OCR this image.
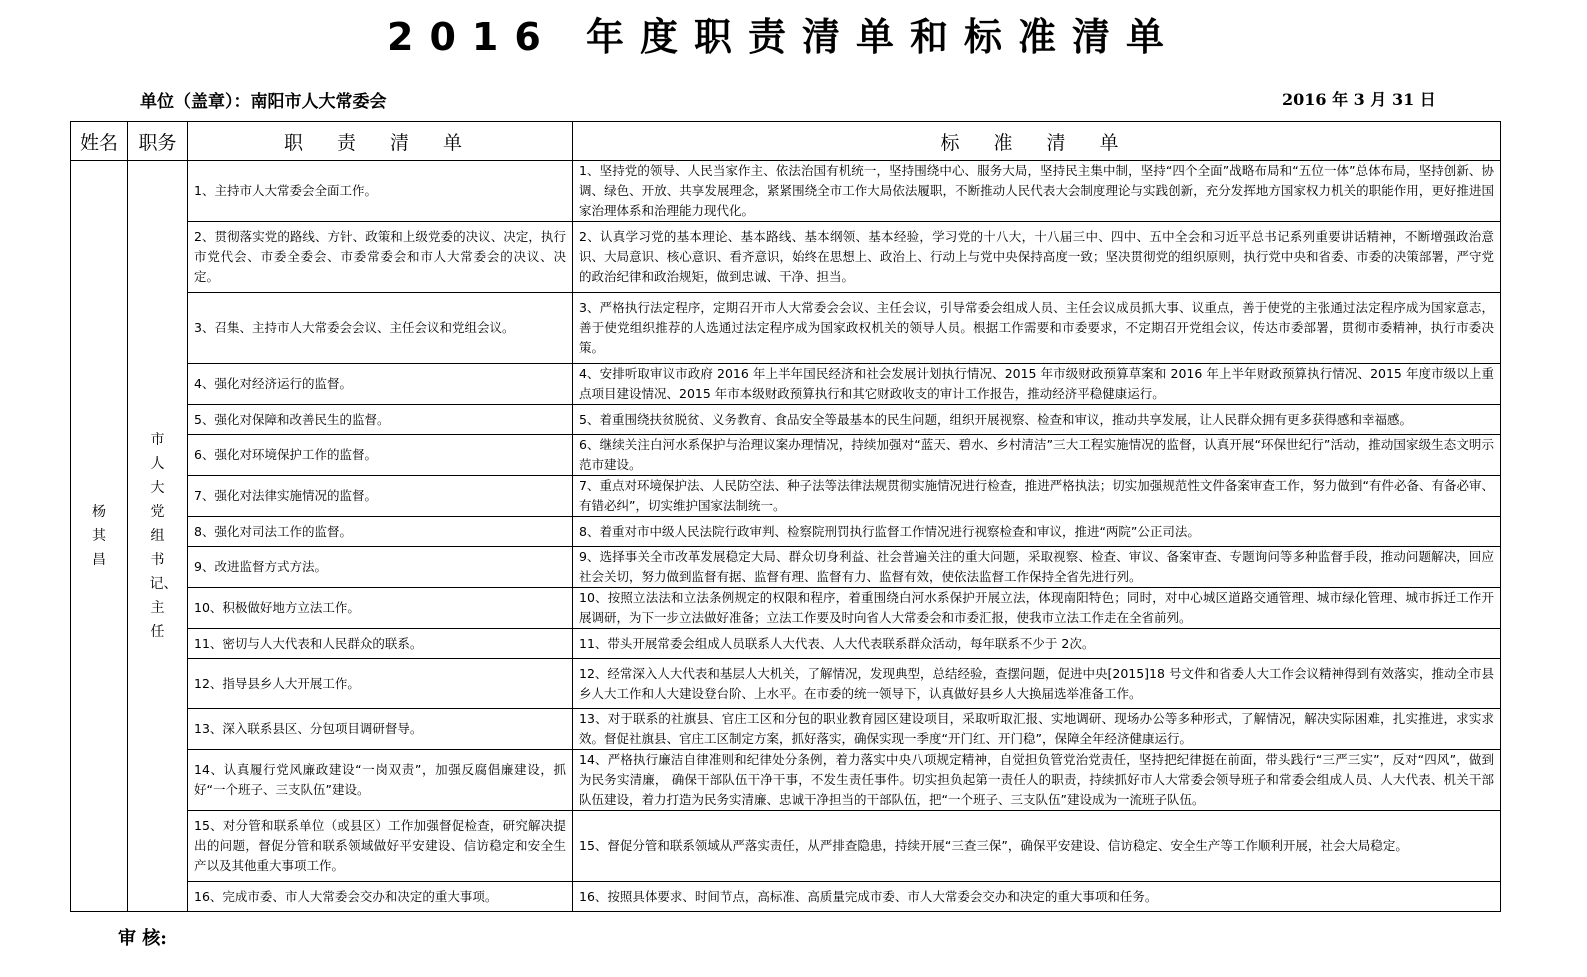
2016 年度职责清单和标准清单
单位（盖章）：南阳市人大常委会	2016 年 3 月 31 日
姓名	职务	职 责 清 单	标 准 清 单
杨其昌	市人大党组书记、主任	1、主持市人大常委会全面工作。	1、坚持党的领导、人民当家作主、依法治国有机统一，坚持围绕中心、服务大局，坚持民主集中制，坚持“四个全面”战略布局和“五位一体”总体布局，坚持创新、协调、绿色、开放、共享发展理念，紧紧围绕全市工作大局依法履职，不断推动人民代表大会制度理论与实践创新，充分发挥地方国家权力机关的职能作用，更好推进国家治理体系和治理能力现代化。
		2、贯彻落实党的路线、方针、政策和上级党委的决议、决定，执行市党代会、市委全委会、市委常委会和市人大常委会的决议、决定。	2、认真学习党的基本理论、基本路线、基本纲领、基本经验，学习党的十八大，十八届三中、四中、五中全会和习近平总书记系列重要讲话精神，不断增强政治意识、大局意识、核心意识、看齐意识，始终在思想上、政治上、行动上与党中央保持高度一致；坚决贯彻党的组织原则，执行党中央和省委、市委的决策部署，严守党的政治纪律和政治规矩，做到忠诚、干净、担当。
		3、召集、主持市人大常委会会议、主任会议和党组会议。	3、严格执行法定程序，定期召开市人大常委会会议、主任会议，引导常委会组成人员、主任会议成员抓大事、议重点，善于使党的主张通过法定程序成为国家意志，善于使党组织推荐的人选通过法定程序成为国家政权机关的领导人员。根据工作需要和市委要求，不定期召开党组会议，传达市委部署，贯彻市委精神，执行市委决策。
		4、强化对经济运行的监督。	4、安排听取审议市政府 2016 年上半年国民经济和社会发展计划执行情况、2015 年市级财政预算草案和 2016 年上半年财政预算执行情况、2015 年度市级以上重点项目建设情况、2015 年市本级财政预算执行和其它财政收支的审计工作报告，推动经济平稳健康运行。
		5、强化对保障和改善民生的监督。	5、着重围绕扶贫脱贫、义务教育、食品安全等最基本的民生问题，组织开展视察、检查和审议，推动共享发展，让人民群众拥有更多获得感和幸福感。
		6、强化对环境保护工作的监督。	6、继续关注白河水系保护与治理议案办理情况，持续加强对“蓝天、碧水、乡村清洁”三大工程实施情况的监督，认真开展“环保世纪行”活动，推动国家级生态文明示范市建设。
		7、强化对法律实施情况的监督。	7、重点对环境保护法、人民防空法、种子法等法律法规贯彻实施情况进行检查，推进严格执法；切实加强规范性文件备案审查工作，努力做到“有件必备、有备必审、有错必纠”，切实维护国家法制统一。
		8、强化对司法工作的监督。	8、着重对市中级人民法院行政审判、检察院刑罚执行监督工作情况进行视察检查和审议，推进“两院”公正司法。
		9、改进监督方式方法。	9、选择事关全市改革发展稳定大局、群众切身利益、社会普遍关注的重大问题，采取视察、检查、审议、备案审查、专题询问等多种监督手段，推动问题解决，回应社会关切，努力做到监督有据、监督有理、监督有力、监督有效，使依法监督工作保持全省先进行列。
		10、积极做好地方立法工作。	10、按照立法法和立法条例规定的权限和程序，着重围绕白河水系保护开展立法，体现南阳特色；同时，对中心城区道路交通管理、城市绿化管理、城市拆迁工作开展调研，为下一步立法做好准备；立法工作要及时向省人大常委会和市委汇报，使我市立法工作走在全省前列。
		11、密切与人大代表和人民群众的联系。	11、带头开展常委会组成人员联系人大代表、人大代表联系群众活动，每年联系不少于 2次。
		12、指导县乡人大开展工作。	12、经常深入人大代表和基层人大机关，了解情况，发现典型，总结经验，查摆问题，促进中央[2015]18 号文件和省委人大工作会议精神得到有效落实，推动全市县乡人大工作和人大建设登台阶、上水平。在市委的统一领导下，认真做好县乡人大换届选举准备工作。
		13、深入联系县区、分包项目调研督导。	13、对于联系的社旗县、官庄工区和分包的职业教育园区建设项目，采取听取汇报、实地调研、现场办公等多种形式，了解情况，解决实际困难，扎实推进，求实求效。督促社旗县、官庄工区制定方案，抓好落实，确保实现一季度“开门红、开门稳”，保障全年经济健康运行。
		14、认真履行党风廉政建设“一岗双责”，加强反腐倡廉建设，抓好“一个班子、三支队伍”建设。	14、严格执行廉洁自律准则和纪律处分条例，着力落实中央八项规定精神，自觉担负管党治党责任，坚持把纪律挺在前面，带头践行“三严三实”，反对“四风”，做到为民务实清廉， 确保干部队伍干净干事，不发生责任事件。切实担负起第一责任人的职责，持续抓好市人大常委会领导班子和常委会组成人员、人大代表、机关干部队伍建设，着力打造为民务实清廉、忠诚干净担当的干部队伍，把“一个班子、三支队伍”建设成为一流班子队伍。
		15、对分管和联系单位（或县区）工作加强督促检查，研究解决提出的问题，督促分管和联系领域做好平安建设、信访稳定和安全生产以及其他重大事项工作。	15、督促分管和联系领域从严落实责任，从严排查隐患，持续开展“三查三保”，确保平安建设、信访稳定、安全生产等工作顺利开展，社会大局稳定。
		16、完成市委、市人大常委会交办和决定的重大事项。	16、按照具体要求、时间节点，高标准、高质量完成市委、市人大常委会交办和决定的重大事项和任务。
审 核:
